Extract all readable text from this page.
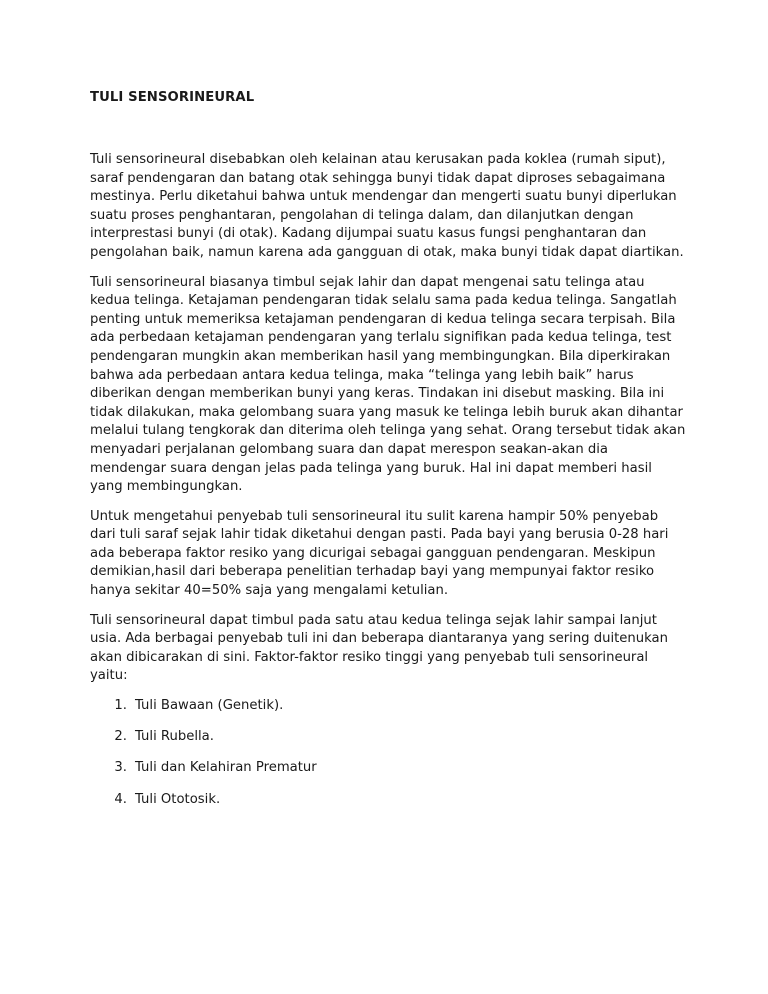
TULI SENSORINEURAL

Tuli sensorineural disebabkan oleh kelainan atau kerusakan pada koklea (rumah siput), saraf pendengaran dan batang otak sehingga bunyi tidak dapat diproses sebagaimana mestinya. Perlu diketahui bahwa untuk mendengar dan mengerti suatu bunyi diperlukan suatu proses penghantaran, pengolahan di telinga dalam, dan dilanjutkan dengan interprestasi bunyi (di otak). Kadang dijumpai suatu kasus fungsi penghantaran dan pengolahan baik, namun karena ada gangguan di otak, maka bunyi tidak dapat diartikan.

Tuli sensorineural biasanya timbul sejak lahir dan dapat mengenai satu telinga atau kedua telinga. Ketajaman pendengaran tidak selalu sama pada kedua telinga. Sangatlah penting untuk memeriksa ketajaman pendengaran di kedua telinga secara terpisah. Bila ada perbedaan ketajaman pendengaran yang terlalu signifikan pada kedua telinga, test pendengaran mungkin akan memberikan hasil yang membingungkan. Bila diperkirakan bahwa ada perbedaan antara kedua telinga, maka “telinga yang lebih baik” harus diberikan dengan memberikan bunyi yang keras. Tindakan ini disebut masking. Bila ini tidak dilakukan, maka gelombang suara yang masuk ke telinga lebih buruk akan dihantar melalui tulang tengkorak dan diterima oleh telinga yang sehat. Orang tersebut tidak akan menyadari perjalanan gelombang suara dan dapat merespon seakan-akan dia mendengar suara dengan jelas pada telinga yang buruk. Hal ini dapat memberi hasil yang membingungkan.

Untuk mengetahui penyebab tuli sensorineural itu sulit karena hampir 50% penyebab dari tuli saraf sejak lahir tidak diketahui dengan pasti. Pada bayi yang berusia 0-28 hari ada beberapa faktor resiko yang dicurigai sebagai gangguan pendengaran. Meskipun demikian,hasil dari beberapa penelitian terhadap bayi yang mempunyai faktor resiko hanya sekitar 40=50% saja yang mengalami ketulian.

Tuli sensorineural dapat timbul pada satu atau kedua telinga sejak lahir sampai lanjut usia. Ada berbagai penyebab tuli ini dan beberapa diantaranya yang sering duitenukan akan dibicarakan di sini. Faktor-faktor resiko tinggi yang penyebab tuli sensorineural yaitu:

1. Tuli Bawaan (Genetik).
2. Tuli Rubella.
3. Tuli dan Kelahiran Prematur
4. Tuli Ototosik.
